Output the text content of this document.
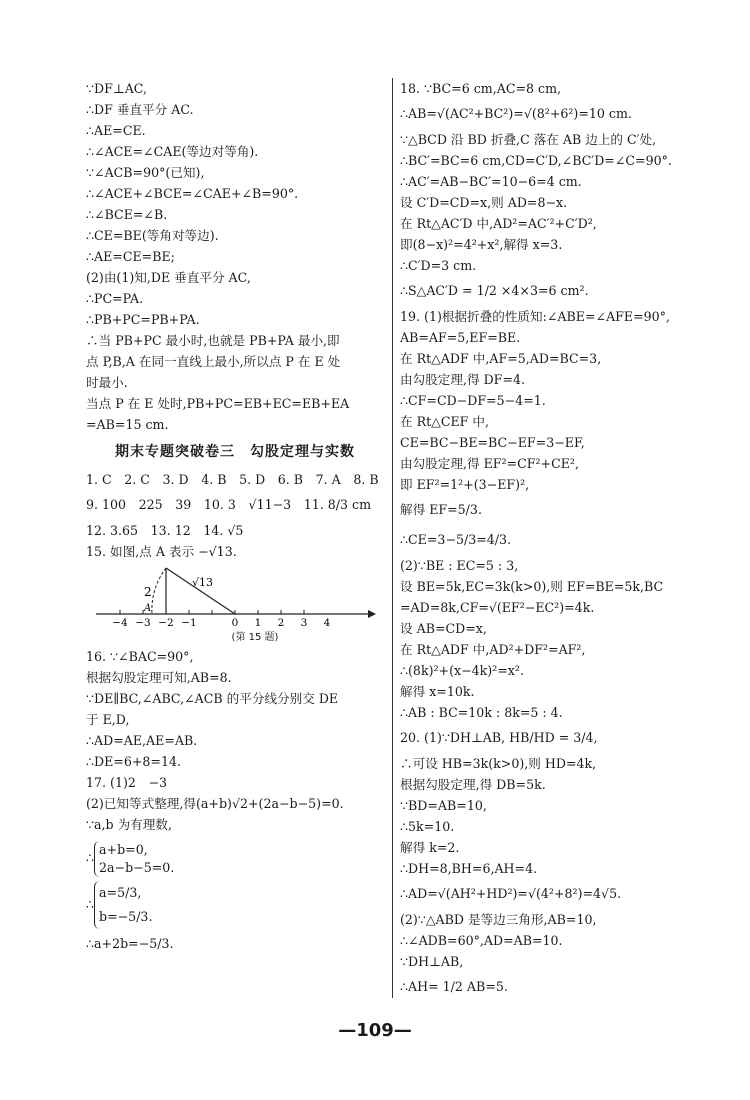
∵DF⊥AC,
∴DF 垂直平分 AC.
∴AE=CE.
∴∠ACE=∠CAE(等边对等角).
∵∠ACB=90°(已知),
∴∠ACE+∠BCE=∠CAE+∠B=90°.
∴∠BCE=∠B.
∴CE=BE(等角对等边).
∴AE=CE=BE;
(2)由(1)知,DE 垂直平分 AC,
∴PC=PA.
∴PB+PC=PB+PA.
∴当 PB+PC 最小时,也就是 PB+PA 最小,即
点 P,B,A 在同一直线上最小,所以点 P 在 E 处
时最小.
当点 P 在 E 处时,PB+PC=EB+EC=EB+EA
=AB=15 cm.
期末专题突破卷三　勾股定理与实数
1. C　2. C　3. D　4. B　5. D　6. B　7. A　8. B
9. 100　225　39　10. 3　√11−3　11. 8/3 cm
12. 3.65　13. 12　14. √5
15. 如图,点 A 表示 −√13.
2
√13
A
−4 −3 −2 −1	0 1 2 3 4
(第 15 题)
16. ∵∠BAC=90°,
根据勾股定理可知,AB=8.
∵DE∥BC,∠ABC,∠ACB 的平分线分别交 DE
于 E,D,
∴AD=AE,AE=AB.
∴DE=6+8=14.
17. (1)2　−3
(2)已知等式整理,得(a+b)√2+(2a−b−5)=0.
∵a,b 为有理数,
∴a+b=0,
2a−b−5=0.
∴a=5/3,
b=−5/3.
∴a+2b=−5/3.
18. ∵BC=6 cm,AC=8 cm,
∴AB=√(AC²+BC²)=√(8²+6²)=10 cm.
∵△BCD 沿 BD 折叠,C 落在 AB 边上的 C′处,
∴BC′=BC=6 cm,CD=C′D,∠BC′D=∠C=90°.
∴AC′=AB−BC′=10−6=4 cm.
设 C′D=CD=x,则 AD=8−x.
在 Rt△AC′D 中,AD²=AC′²+C′D²,
即(8−x)²=4²+x²,解得 x=3.
∴C′D=3 cm.
∴S△AC′D = 1/2 ×4×3=6 cm².
19. (1)根据折叠的性质知:∠ABE=∠AFE=90°,
AB=AF=5,EF=BE.
在 Rt△ADF 中,AF=5,AD=BC=3,
由勾股定理,得 DF=4.
∴CF=CD−DF=5−4=1.
在 Rt△CEF 中,
CE=BC−BE=BC−EF=3−EF,
由勾股定理,得 EF²=CF²+CE²,
即 EF²=1²+(3−EF)²,
解得 EF=5/3.
∴CE=3−5/3=4/3.
(2)∵BE : EC=5 : 3,
设 BE=5k,EC=3k(k>0),则 EF=BE=5k,BC
=AD=8k,CF=√(EF²−EC²)=4k.
设 AB=CD=x,
在 Rt△ADF 中,AD²+DF²=AF²,
∴(8k)²+(x−4k)²=x².
解得 x=10k.
∴AB : BC=10k : 8k=5 : 4.
20. (1)∵DH⊥AB, HB/HD = 3/4,
∴可设 HB=3k(k>0),则 HD=4k,
根据勾股定理,得 DB=5k.
∵BD=AB=10,
∴5k=10.
解得 k=2.
∴DH=8,BH=6,AH=4.
∴AD=√(AH²+HD²)=√(4²+8²)=4√5.
(2)∵△ABD 是等边三角形,AB=10,
∴∠ADB=60°,AD=AB=10.
∵DH⊥AB,
∴AH= 1/2 AB=5.
—109—
